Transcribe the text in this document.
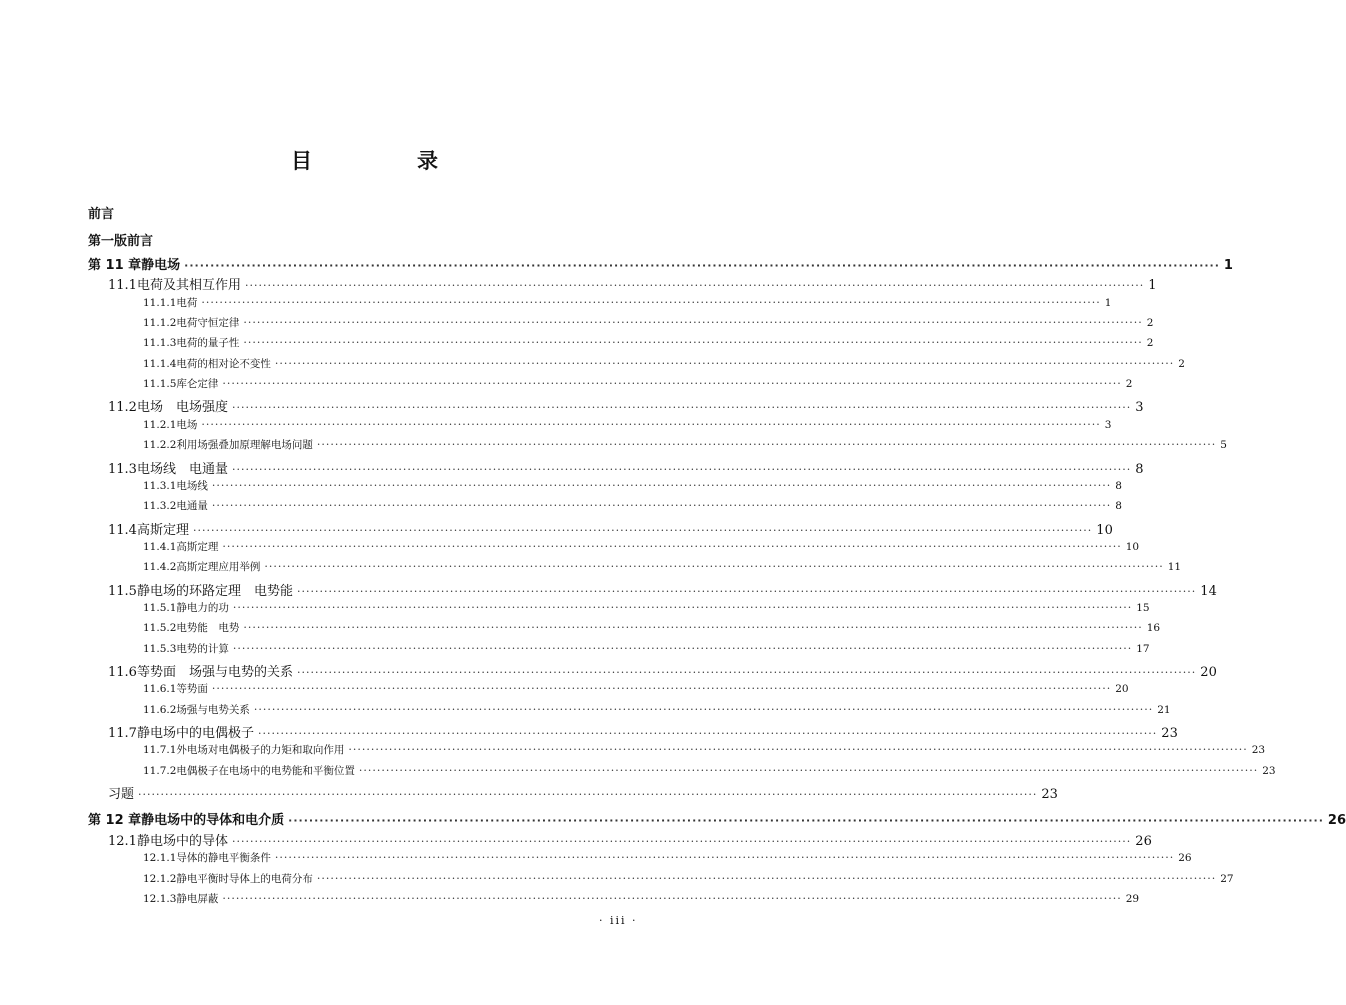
目　录
前言
第一版前言
第 11 章 静电场 ········································································································································································································ 1
11.1 电荷及其相互作用 ········································································································································································································ 1
11.1.1 电荷 ········································································································································································································ 1
11.1.2 电荷守恒定律 ········································································································································································································ 2
11.1.3 电荷的量子性 ········································································································································································································ 2
11.1.4 电荷的相对论不变性 ········································································································································································································ 2
11.1.5 库仑定律 ········································································································································································································ 2
11.2 电场　电场强度 ········································································································································································································ 3
11.2.1 电场 ········································································································································································································ 3
11.2.2 利用场强叠加原理解电场问题 ········································································································································································································ 5
11.3 电场线　电通量 ········································································································································································································ 8
11.3.1 电场线 ········································································································································································································ 8
11.3.2 电通量 ········································································································································································································ 8
11.4 高斯定理 ········································································································································································································ 10
11.4.1 高斯定理 ········································································································································································································ 10
11.4.2 高斯定理应用举例 ········································································································································································································ 11
11.5 静电场的环路定理　电势能 ········································································································································································································ 14
11.5.1 静电力的功 ········································································································································································································ 15
11.5.2 电势能　电势 ········································································································································································································ 16
11.5.3 电势的计算 ········································································································································································································ 17
11.6 等势面　场强与电势的关系 ········································································································································································································ 20
11.6.1 等势面 ········································································································································································································ 20
11.6.2 场强与电势关系 ········································································································································································································ 21
11.7 静电场中的电偶极子 ········································································································································································································ 23
11.7.1 外电场对电偶极子的力矩和取向作用 ········································································································································································································ 23
11.7.2 电偶极子在电场中的电势能和平衡位置 ········································································································································································································ 23
习题 ········································································································································································································ 23
第 12 章 静电场中的导体和电介质 ········································································································································································································ 26
12.1 静电场中的导体 ········································································································································································································ 26
12.1.1 导体的静电平衡条件 ········································································································································································································ 26
12.1.2 静电平衡时导体上的电荷分布 ········································································································································································································ 27
12.1.3 静电屏蔽 ········································································································································································································ 29
· iii ·
